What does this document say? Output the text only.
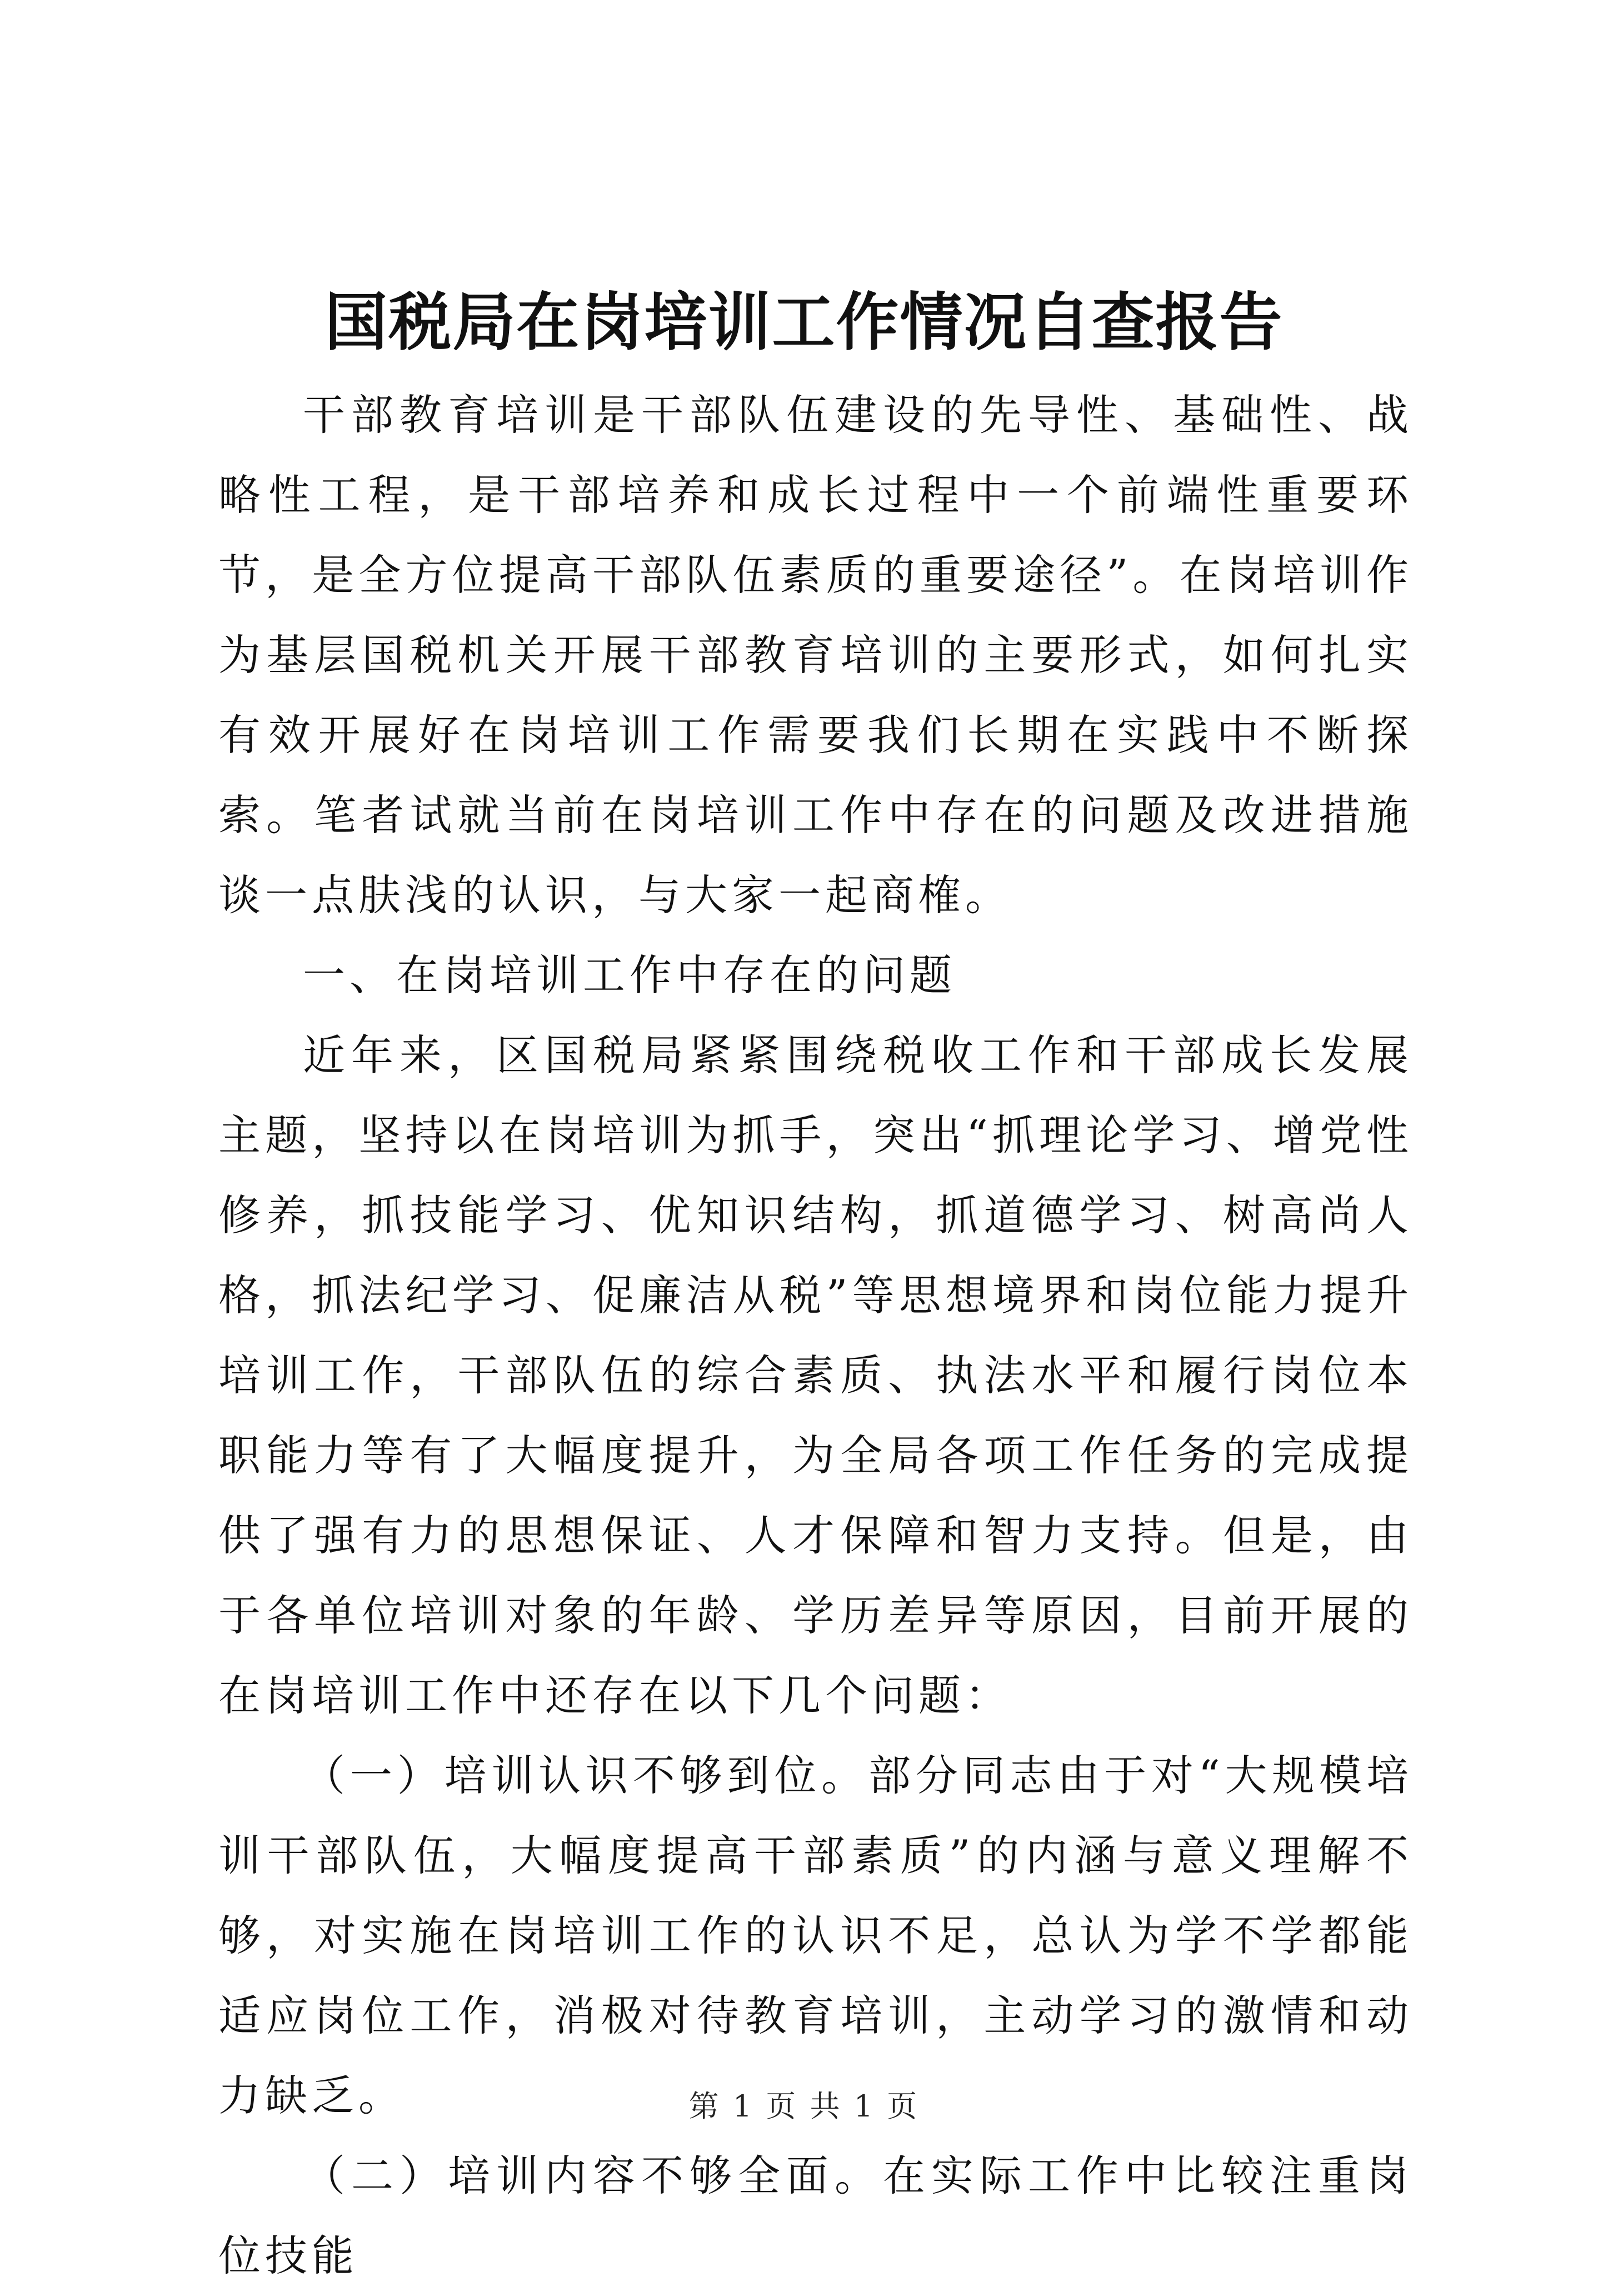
国税局在岗培训工作情况自查报告

干部教育培训是干部队伍建设的先导性、基础性、战略性工程，是干部培养和成长过程中一个前端性重要环节，是全方位提高干部队伍素质的重要途径”。在岗培训作为基层国税机关开展干部教育培训的主要形式，如何扎实有效开展好在岗培训工作需要我们长期在实践中不断探索。笔者试就当前在岗培训工作中存在的问题及改进措施谈一点肤浅的认识，与大家一起商榷。

一、在岗培训工作中存在的问题

近年来，区国税局紧紧围绕税收工作和干部成长发展主题，坚持以在岗培训为抓手，突出“抓理论学习、增党性修养，抓技能学习、优知识结构，抓道德学习、树高尚人格，抓法纪学习、促廉洁从税”等思想境界和岗位能力提升培训工作，干部队伍的综合素质、执法水平和履行岗位本职能力等有了大幅度提升，为全局各项工作任务的完成提供了强有力的思想保证、人才保障和智力支持。但是，由于各单位培训对象的年龄、学历差异等原因，目前开展的在岗培训工作中还存在以下几个问题：

（一）培训认识不够到位。部分同志由于对“大规模培训干部队伍，大幅度提高干部素质”的内涵与意义理解不够，对实施在岗培训工作的认识不足，总认为学不学都能适应岗位工作，消极对待教育培训，主动学习的激情和动力缺乏。

（二）培训内容不够全面。在实际工作中比较注重岗位技能

第 1 页 共 1 页
